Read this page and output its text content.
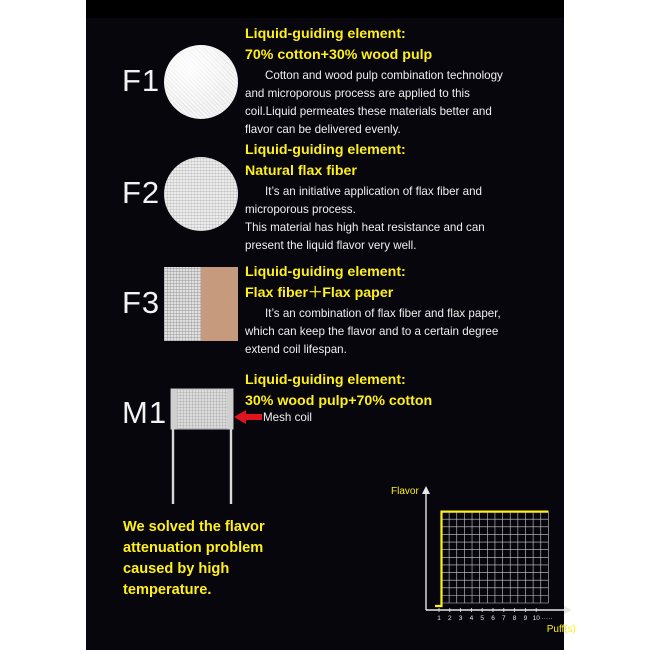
F1
Liquid-guiding element:
70% cotton+30% wood pulp
Cotton and wood pulp combination technology
and microporous process are applied to this
coil.Liquid permeates these materials better and
flavor can be delivered evenly.
F2
Liquid-guiding element:
Natural flax fiber
It’s an initiative application of flax fiber and
microporous process.
This material has high heat resistance and can
present the liquid flavor very well.
F3
Liquid-guiding element:
Flax fiber＋Flax paper
It’s an combination of flax fiber and flax paper,
which can keep the flavor and to a certain degree
extend coil lifespan.
M1	Mesh coil
Liquid-guiding element:
30% wood pulp+70% cotton
We solved the flavor
attenuation problem
caused by high
temperature.
1 2 3 4 5 6 7 8 9 10 ·····
Flavor
Puff(s)
